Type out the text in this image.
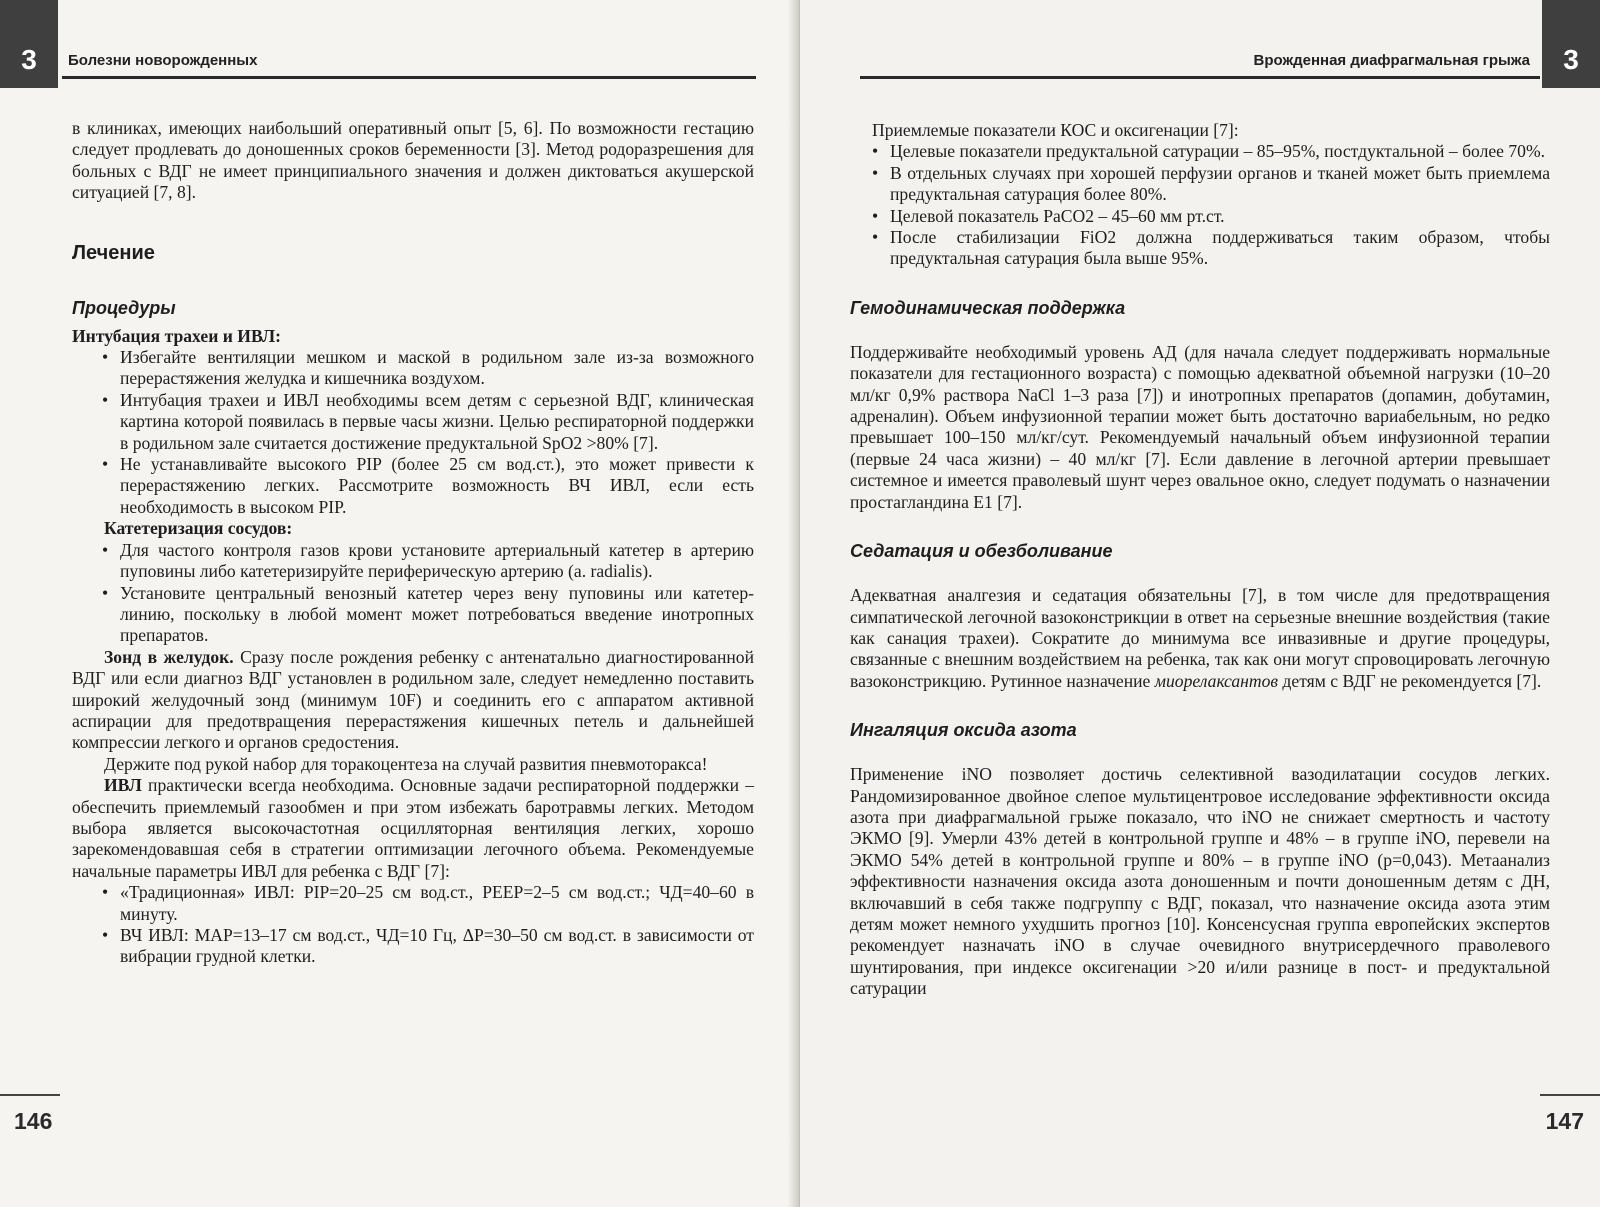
3	Болезни новорожденных

в клиниках, имеющих наибольший оперативный опыт [5, 6]. По возможности гестацию следует продлевать до доношенных сроков беременности [3]. Метод родоразрешения для больных с ВДГ не имеет принципиального значения и должен диктоваться акушерской ситуацией [7, 8].

Лечение
Процедуры

Интубация трахеи и ИВЛ:

• Избегайте вентиляции мешком и маской в родильном зале из-за возможного перерастяжения желудка и кишечника воздухом.
• Интубация трахеи и ИВЛ необходимы всем детям с серьезной ВДГ, клиническая картина которой появилась в первые часы жизни. Целью респираторной поддержки в родильном зале считается достижение предуктальной SpO2 >80% [7].
• Не устанавливайте высокого PIP (более 25 см вод.ст.), это может привести к перерастяжению легких. Рассмотрите возможность ВЧ ИВЛ, если есть необходимость в высоком PIP.

Катетеризация сосудов:

• Для частого контроля газов крови установите артериальный катетер в артерию пуповины либо катетеризируйте периферическую артерию (a. radialis).
• Установите центральный венозный катетер через вену пуповины или катетер-линию, поскольку в любой момент может потребоваться введение инотропных препаратов.

Зонд в желудок. Сразу после рождения ребенку с антенатально диагностированной ВДГ или если диагноз ВДГ установлен в родильном зале, следует немедленно поставить широкий желудочный зонд (минимум 10F) и соединить его с аппаратом активной аспирации для предотвращения перерастяжения кишечных петель и дальнейшей компрессии легкого и органов средостения.

Держите под рукой набор для торакоцентеза на случай развития пневмоторакса!

ИВЛ практически всегда необходима. Основные задачи респираторной поддержки – обеспечить приемлемый газообмен и при этом избежать баротравмы легких. Методом выбора является высокочастотная осцилляторная вентиляция легких, хорошо зарекомендовавшая себя в стратегии оптимизации легочного объема. Рекомендуемые начальные параметры ИВЛ для ребенка с ВДГ [7]:

• «Традиционная» ИВЛ: PIP=20–25 см вод.ст., PEEP=2–5 см вод.ст.; ЧД=40–60 в минуту.
• ВЧ ИВЛ: MAP=13–17 см вод.ст., ЧД=10 Гц, ΔP=30–50 см вод.ст. в зависимости от вибрации грудной клетки.
146
3
Врожденная диафрагмальная грыжа

Приемлемые показатели КОС и оксигенации [7]:

• Целевые показатели предуктальной сатурации – 85–95%, постдуктальной – более 70%.
• В отдельных случаях при хорошей перфузии органов и тканей может быть приемлема предуктальная сатурация более 80%.
• Целевой показатель PaCO2 – 45–60 мм рт.ст.
• После стабилизации FiO2 должна поддерживаться таким образом, чтобы предуктальная сатурация была выше 95%.
Гемодинамическая поддержка

Поддерживайте необходимый уровень АД (для начала следует поддерживать нормальные показатели для гестационного возраста) с помощью адекватной объемной нагрузки (10–20 мл/кг 0,9% раствора NaCl 1–3 раза [7]) и инотропных препаратов (допамин, добутамин, адреналин). Объем инфузионной терапии может быть достаточно вариабельным, но редко превышает 100–150 мл/кг/сут. Рекомендуемый начальный объем инфузионной терапии (первые 24 часа жизни) – 40 мл/кг [7]. Если давление в легочной артерии превышает системное и имеется праволевый шунт через овальное окно, следует подумать о назначении простагландина E1 [7].

Седатация и обезболивание

Адекватная аналгезия и седатация обязательны [7], в том числе для предотвращения симпатической легочной вазоконстрикции в ответ на серьезные внешние воздействия (такие как санация трахеи). Сократите до минимума все инвазивные и другие процедуры, связанные с внешним воздействием на ребенка, так как они могут спровоцировать легочную вазоконстрикцию. Рутинное назначение миорелаксантов детям с ВДГ не рекомендуется [7].

Ингаляция оксида азота

Применение iNO позволяет достичь селективной вазодилатации сосудов легких. Рандомизированное двойное слепое мультицентровое исследование эффективности оксида азота при диафрагмальной грыже показало, что iNO не снижает смертность и частоту ЭКМО [9]. Умерли 43% детей в контрольной группе и 48% – в группе iNO, перевели на ЭКМО 54% детей в контрольной группе и 80% – в группе iNO (p=0,043). Метаанализ эффективности назначения оксида азота доношенным и почти доношенным детям с ДН, включавший в себя также подгруппу с ВДГ, показал, что назначение оксида азота этим детям может немного ухудшить прогноз [10]. Консенсусная группа европейских экспертов рекомендует назначать iNO в случае очевидного внутрисердечного праволевого шунтирования, при индексе оксигенации >20 и/или разнице в пост- и предуктальной сатурации

147
